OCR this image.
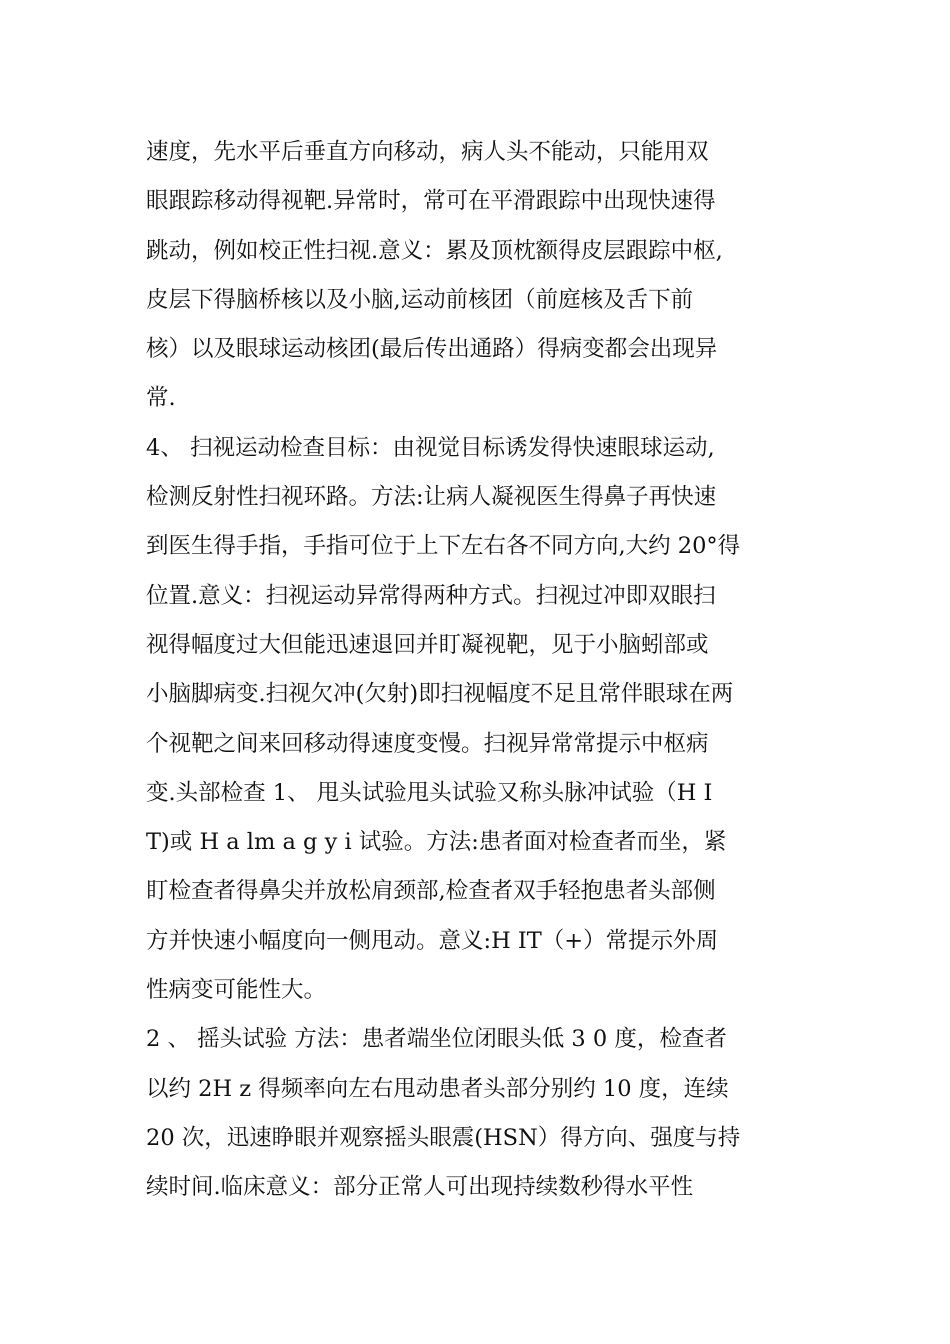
速度，先水平后垂直方向移动，病人头不能动，只能用双
眼跟踪移动得视靶.异常时，常可在平滑跟踪中出现快速得
跳动，例如校正性扫视.意义：累及顶枕额得皮层跟踪中枢,
皮层下得脑桥核以及小脑,运动前核团（前庭核及舌下前
核）以及眼球运动核团(最后传出通路）得病变都会出现异
常.
4、 扫视运动检查目标：由视觉目标诱发得快速眼球运动,
检测反射性扫视环路。方法:让病人凝视医生得鼻子再快速
到医生得手指，手指可位于上下左右各不同方向,大约 20°得
位置.意义：扫视运动异常得两种方式。扫视过冲即双眼扫
视得幅度过大但能迅速退回并盯凝视靶，见于小脑蚓部或
小脑脚病变.扫视欠冲(欠射)即扫视幅度不足且常伴眼球在两
个视靶之间来回移动得速度变慢。扫视异常常提示中枢病
变.头部检查 1、 甩头试验甩头试验又称头脉冲试验（H I
T)或 H a lm a g y i 试验。方法:患者面对检查者而坐，紧
盯检查者得鼻尖并放松肩颈部,检查者双手轻抱患者头部侧
方并快速小幅度向一侧甩动。意义:H IT（+）常提示外周
性病变可能性大。
2 、 摇头试验 方法：患者端坐位闭眼头低 3 0 度，检查者
以约 2H z 得频率向左右甩动患者头部分别约 10 度，连续
20 次，迅速睁眼并观察摇头眼震(HSN）得方向、强度与持
续时间.临床意义：部分正常人可出现持续数秒得水平性
